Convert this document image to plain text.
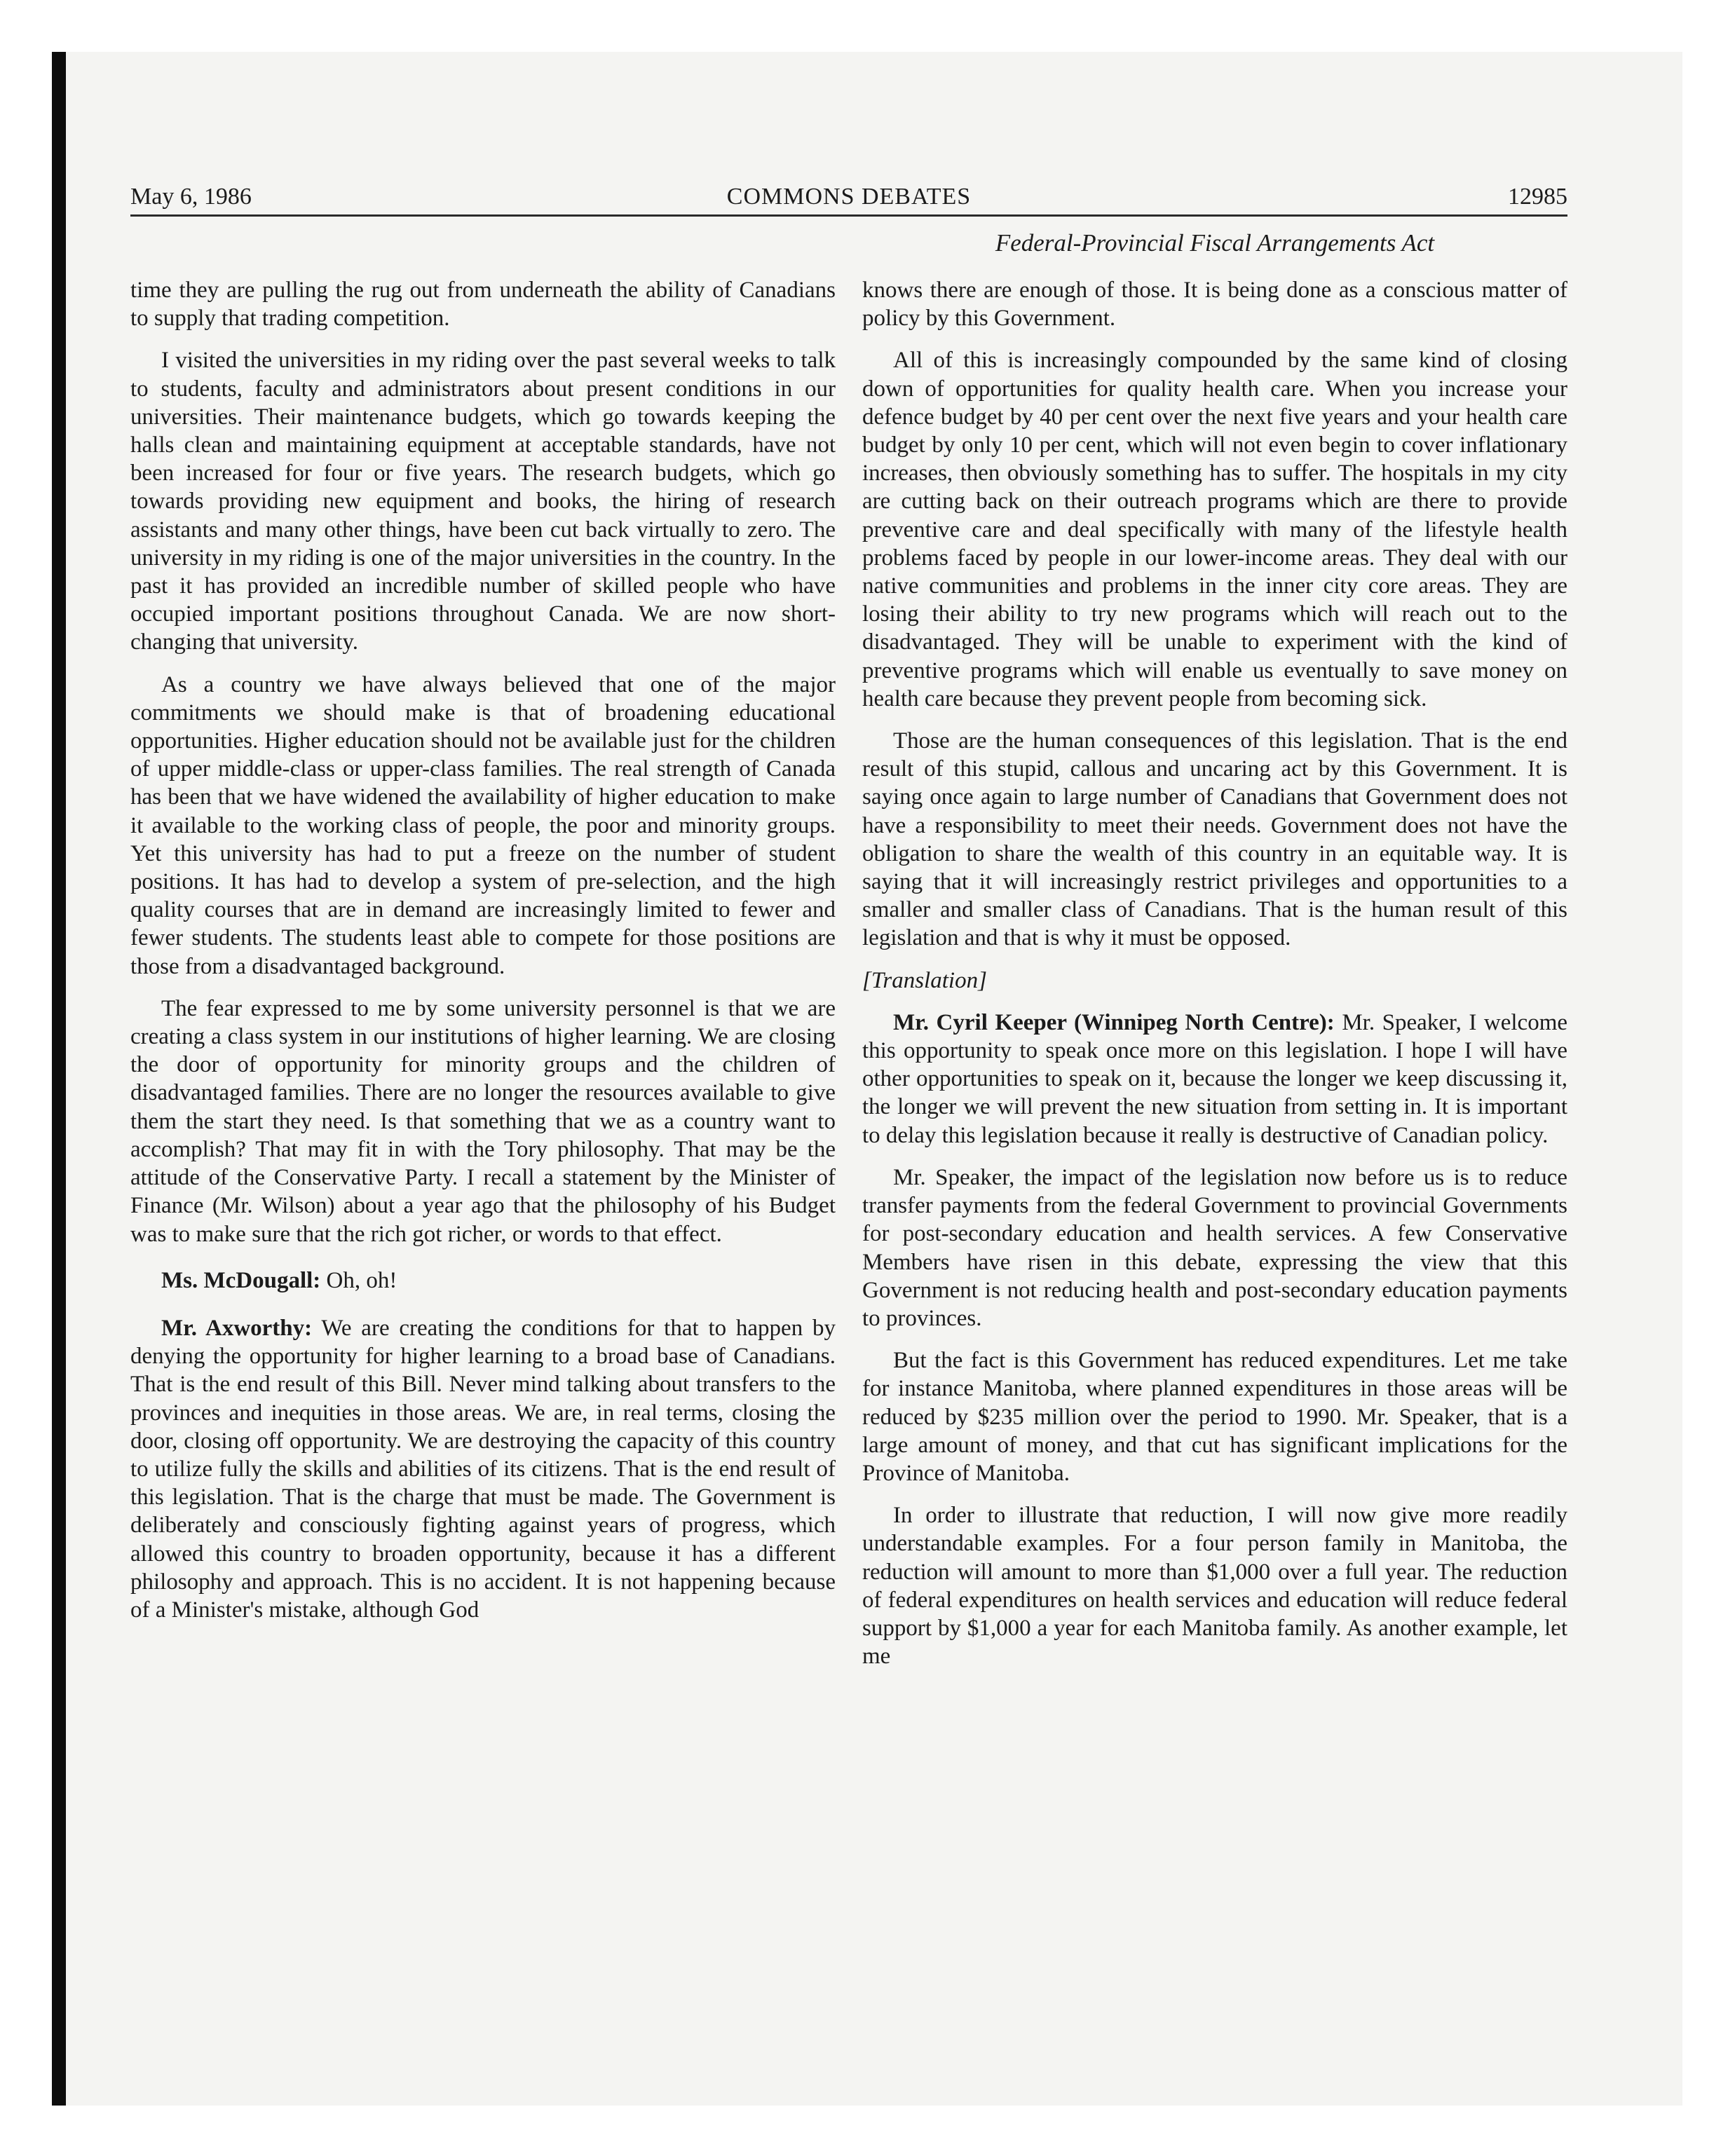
May 6, 1986	COMMONS DEBATES	12985
Federal-Provincial Fiscal Arrangements Act

time they are pulling the rug out from underneath the ability of Canadians to supply that trading competition.

I visited the universities in my riding over the past several weeks to talk to students, faculty and administrators about present conditions in our universities. Their maintenance budgets, which go towards keeping the halls clean and maintaining equipment at acceptable standards, have not been increased for four or five years. The research budgets, which go towards providing new equipment and books, the hiring of research assistants and many other things, have been cut back virtually to zero. The university in my riding is one of the major universities in the country. In the past it has provided an incredible number of skilled people who have occupied important positions throughout Canada. We are now short-changing that university.

As a country we have always believed that one of the major commitments we should make is that of broadening educational opportunities. Higher education should not be available just for the children of upper middle-class or upper-class families. The real strength of Canada has been that we have widened the availability of higher education to make it available to the working class of people, the poor and minority groups. Yet this university has had to put a freeze on the number of student positions. It has had to develop a system of pre-selection, and the high quality courses that are in demand are increasingly limited to fewer and fewer students. The students least able to compete for those positions are those from a disadvantaged background.

The fear expressed to me by some university personnel is that we are creating a class system in our institutions of higher learning. We are closing the door of opportunity for minority groups and the children of disadvantaged families. There are no longer the resources available to give them the start they need. Is that something that we as a country want to accomplish? That may fit in with the Tory philosophy. That may be the attitude of the Conservative Party. I recall a statement by the Minister of Finance (Mr. Wilson) about a year ago that the philosophy of his Budget was to make sure that the rich got richer, or words to that effect.

Ms. McDougall: Oh, oh!

Mr. Axworthy: We are creating the conditions for that to happen by denying the opportunity for higher learning to a broad base of Canadians. That is the end result of this Bill. Never mind talking about transfers to the provinces and inequities in those areas. We are, in real terms, closing the door, closing off opportunity. We are destroying the capacity of this country to utilize fully the skills and abilities of its citizens. That is the end result of this legislation. That is the charge that must be made. The Government is deliberately and consciously fighting against years of progress, which allowed this country to broaden opportunity, because it has a different philosophy and approach. This is no accident. It is not happening because of a Minister's mistake, although God

knows there are enough of those. It is being done as a conscious matter of policy by this Government.

All of this is increasingly compounded by the same kind of closing down of opportunities for quality health care. When you increase your defence budget by 40 per cent over the next five years and your health care budget by only 10 per cent, which will not even begin to cover inflationary increases, then obviously something has to suffer. The hospitals in my city are cutting back on their outreach programs which are there to provide preventive care and deal specifically with many of the lifestyle health problems faced by people in our lower-income areas. They deal with our native communities and problems in the inner city core areas. They are losing their ability to try new programs which will reach out to the disadvantaged. They will be unable to experiment with the kind of preventive programs which will enable us eventually to save money on health care because they prevent people from becoming sick.

Those are the human consequences of this legislation. That is the end result of this stupid, callous and uncaring act by this Government. It is saying once again to large number of Canadians that Government does not have a responsibility to meet their needs. Government does not have the obligation to share the wealth of this country in an equitable way. It is saying that it will increasingly restrict privileges and opportunities to a smaller and smaller class of Canadians. That is the human result of this legislation and that is why it must be opposed.

[Translation]

Mr. Cyril Keeper (Winnipeg North Centre): Mr. Speaker, I welcome this opportunity to speak once more on this legislation. I hope I will have other opportunities to speak on it, because the longer we keep discussing it, the longer we will prevent the new situation from setting in. It is important to delay this legislation because it really is destructive of Canadian policy.

Mr. Speaker, the impact of the legislation now before us is to reduce transfer payments from the federal Government to provincial Governments for post-secondary education and health services. A few Conservative Members have risen in this debate, expressing the view that this Government is not reducing health and post-secondary education payments to provinces.

But the fact is this Government has reduced expenditures. Let me take for instance Manitoba, where planned expenditures in those areas will be reduced by $235 million over the period to 1990. Mr. Speaker, that is a large amount of money, and that cut has significant implications for the Province of Manitoba.

In order to illustrate that reduction, I will now give more readily understandable examples. For a four person family in Manitoba, the reduction will amount to more than $1,000 over a full year. The reduction of federal expenditures on health services and education will reduce federal support by $1,000 a year for each Manitoba family. As another example, let me
